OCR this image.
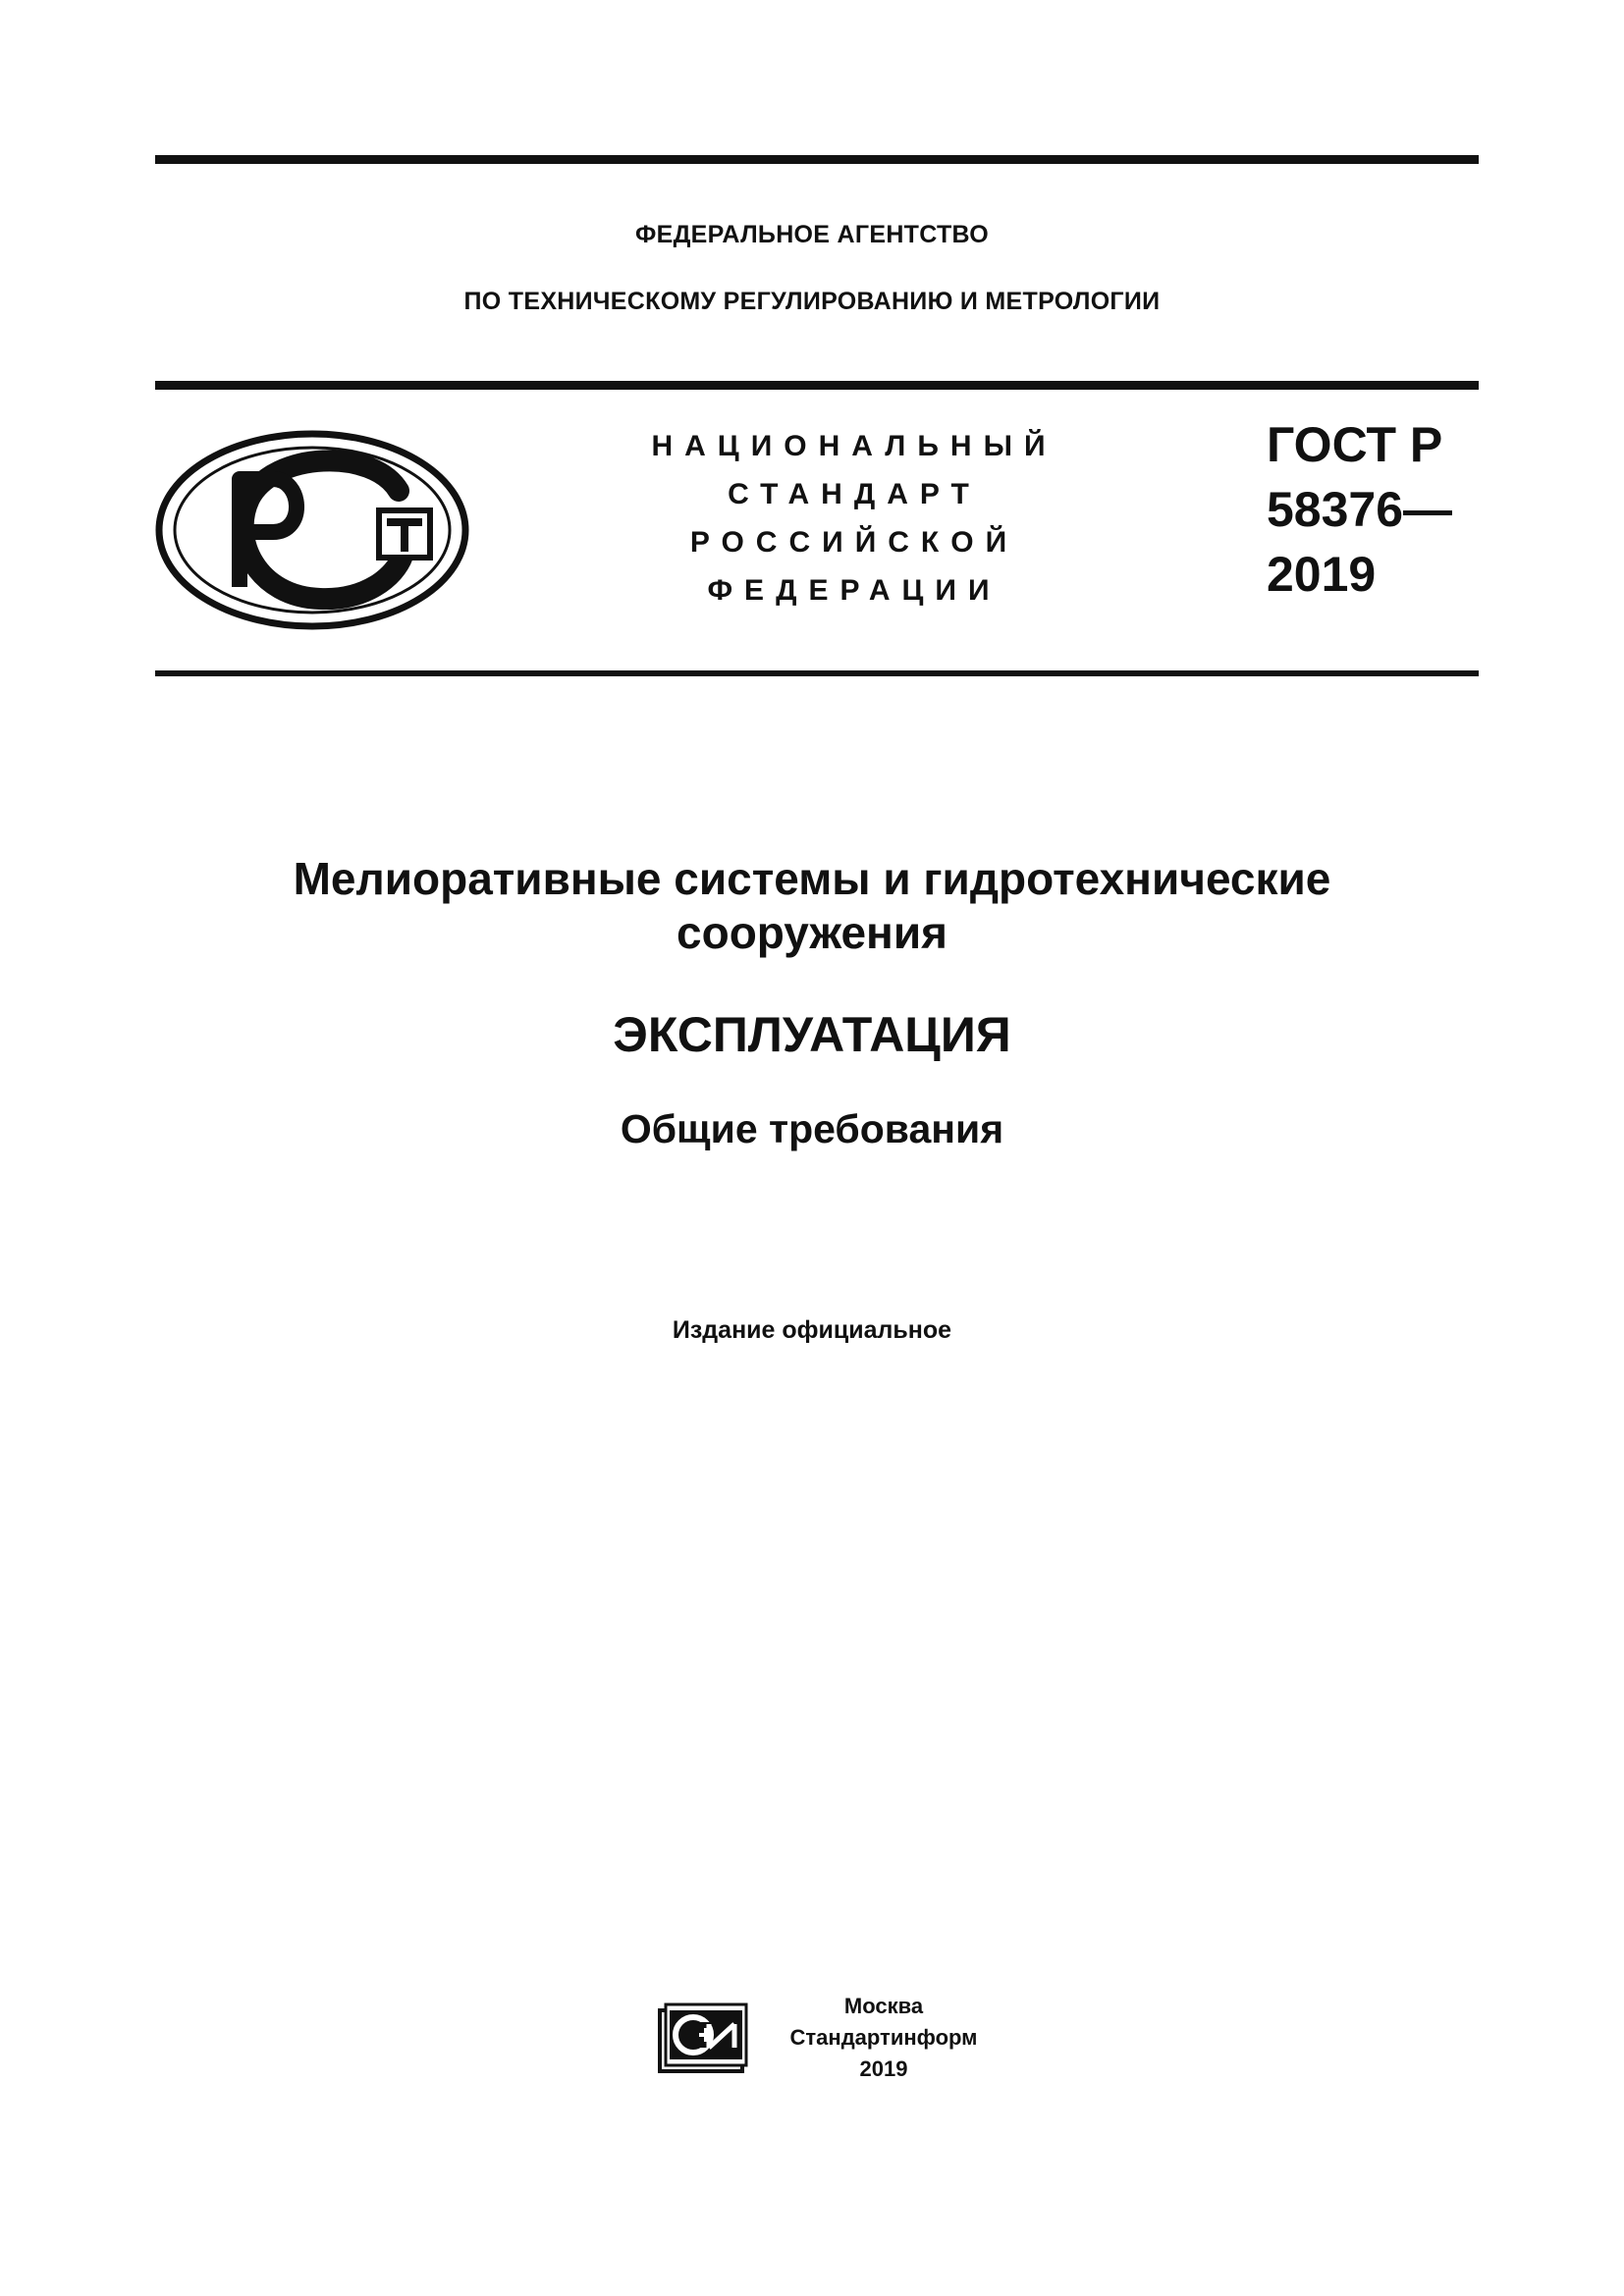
ФЕДЕРАЛЬНОЕ АГЕНТСТВО
ПО ТЕХНИЧЕСКОМУ РЕГУЛИРОВАНИЮ И МЕТРОЛОГИИ
НАЦИОНАЛЬНЫЙ
СТАНДАРТ
РОССИЙСКОЙ
ФЕДЕРАЦИИ
ГОСТ Р
58376—
2019
Мелиоративные системы и гидротехнические
сооружения
ЭКСПЛУАТАЦИЯ
Общие требования
Издание официальное
Москва
Стандартинформ
2019
